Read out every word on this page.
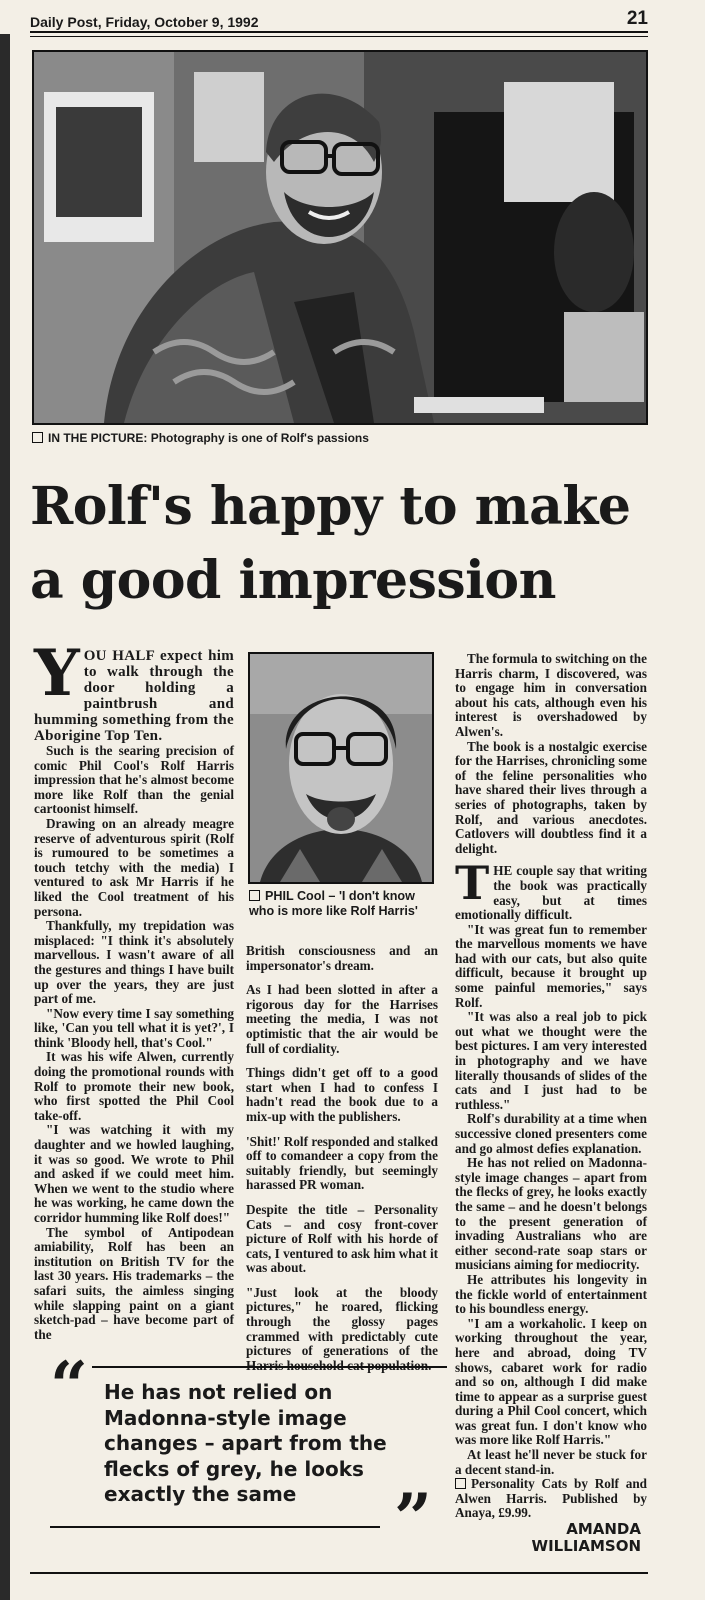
Daily Post, Friday, October 9, 1992	21
IN THE PICTURE: Photography is one of Rolf's passions
Rolf's happy to make
a good impression
Y OU HALF expect him to walk through the door holding a paintbrush and humming something from the Aborigine Top Ten.

Such is the searing precision of comic Phil Cool's Rolf Harris impression that he's almost become more like Rolf than the genial cartoonist himself.

Drawing on an already meagre reserve of adventurous spirit (Rolf is rumoured to be sometimes a touch tetchy with the media) I ventured to ask Mr Harris if he liked the Cool treatment of his persona.

Thankfully, my trepidation was misplaced: "I think it's absolutely marvellous. I wasn't aware of all the gestures and things I have built up over the years, they are just part of me.

"Now every time I say something like, 'Can you tell what it is yet?', I think 'Bloody hell, that's Cool."

It was his wife Alwen, currently doing the promotional rounds with Rolf to promote their new book, who first spotted the Phil Cool take-off.

"I was watching it with my daughter and we howled laughing, it was so good. We wrote to Phil and asked if we could meet him. When we went to the studio where he was working, he came down the corridor humming like Rolf does!"

The symbol of Antipodean amiability, Rolf has been an institution on British TV for the last 30 years. His trademarks – the safari suits, the aimless singing while slapping paint on a giant sketch-pad – have become part of the

PHIL Cool – 'I don't know who is more like Rolf Harris'

British consciousness and an impersonator's dream.

As I had been slotted in after a rigorous day for the Harrises meeting the media, I was not optimistic that the air would be full of cordiality.

Things didn't get off to a good start when I had to confess I hadn't read the book due to a mix-up with the publishers.

'Shit!' Rolf responded and stalked off to comandeer a copy from the suitably friendly, but seemingly harassed PR woman.

Despite the title – Personality Cats – and cosy front-cover picture of Rolf with his horde of cats, I ventured to ask him what it was about.

"Just look at the bloody pictures," he roared, flicking through the glossy pages crammed with predictably cute pictures of generations of the

The formula to switching on the Harris charm, I discovered, was to engage him in conversation about his cats, although even his interest is overshadowed by Alwen's.

The book is a nostalgic exercise for the Harrises, chronicling some of the feline personalities who have shared their lives through a series of photographs, taken by Rolf, and various anecdotes. Catlovers will doubtless find it a delight.

T HE couple say that writing the book was practically easy, but at times emotionally difficult.

"It was great fun to remember the marvellous moments we have had with our cats, but also quite difficult, because it brought up some painful memories," says Rolf.

"It was also a real job to pick out what we thought were the best pictures. I am very interested in photography and we have literally thousands of slides of the cats and I just had to be ruthless."

Rolf's durability at a time when successive cloned presenters come and go almost defies explanation.

He has not relied on Madonna-style image changes – apart from the flecks of grey, he looks exactly the same – and he doesn't belongs to the present generation of invading Australians who are either second-rate soap stars or musicians aiming for mediocrity.

He attributes his longevity in the fickle world of entertainment to his boundless energy.

"I am a workaholic. I keep on working throughout the year, here and abroad, doing TV shows, cabaret work for radio and so on, although I did make time to appear as a surprise guest during a Phil Cool concert, which was great fun. I don't know who was more like Rolf Harris."

At least he'll never be stuck for a decent stand-in.

Personality Cats by Rolf and Alwen Harris. Published by Anaya, £9.99.

“ He has not relied on Madonna-style image changes – apart from the flecks of grey, he looks exactly the same	”	AMANDA
WILLIAMSON
